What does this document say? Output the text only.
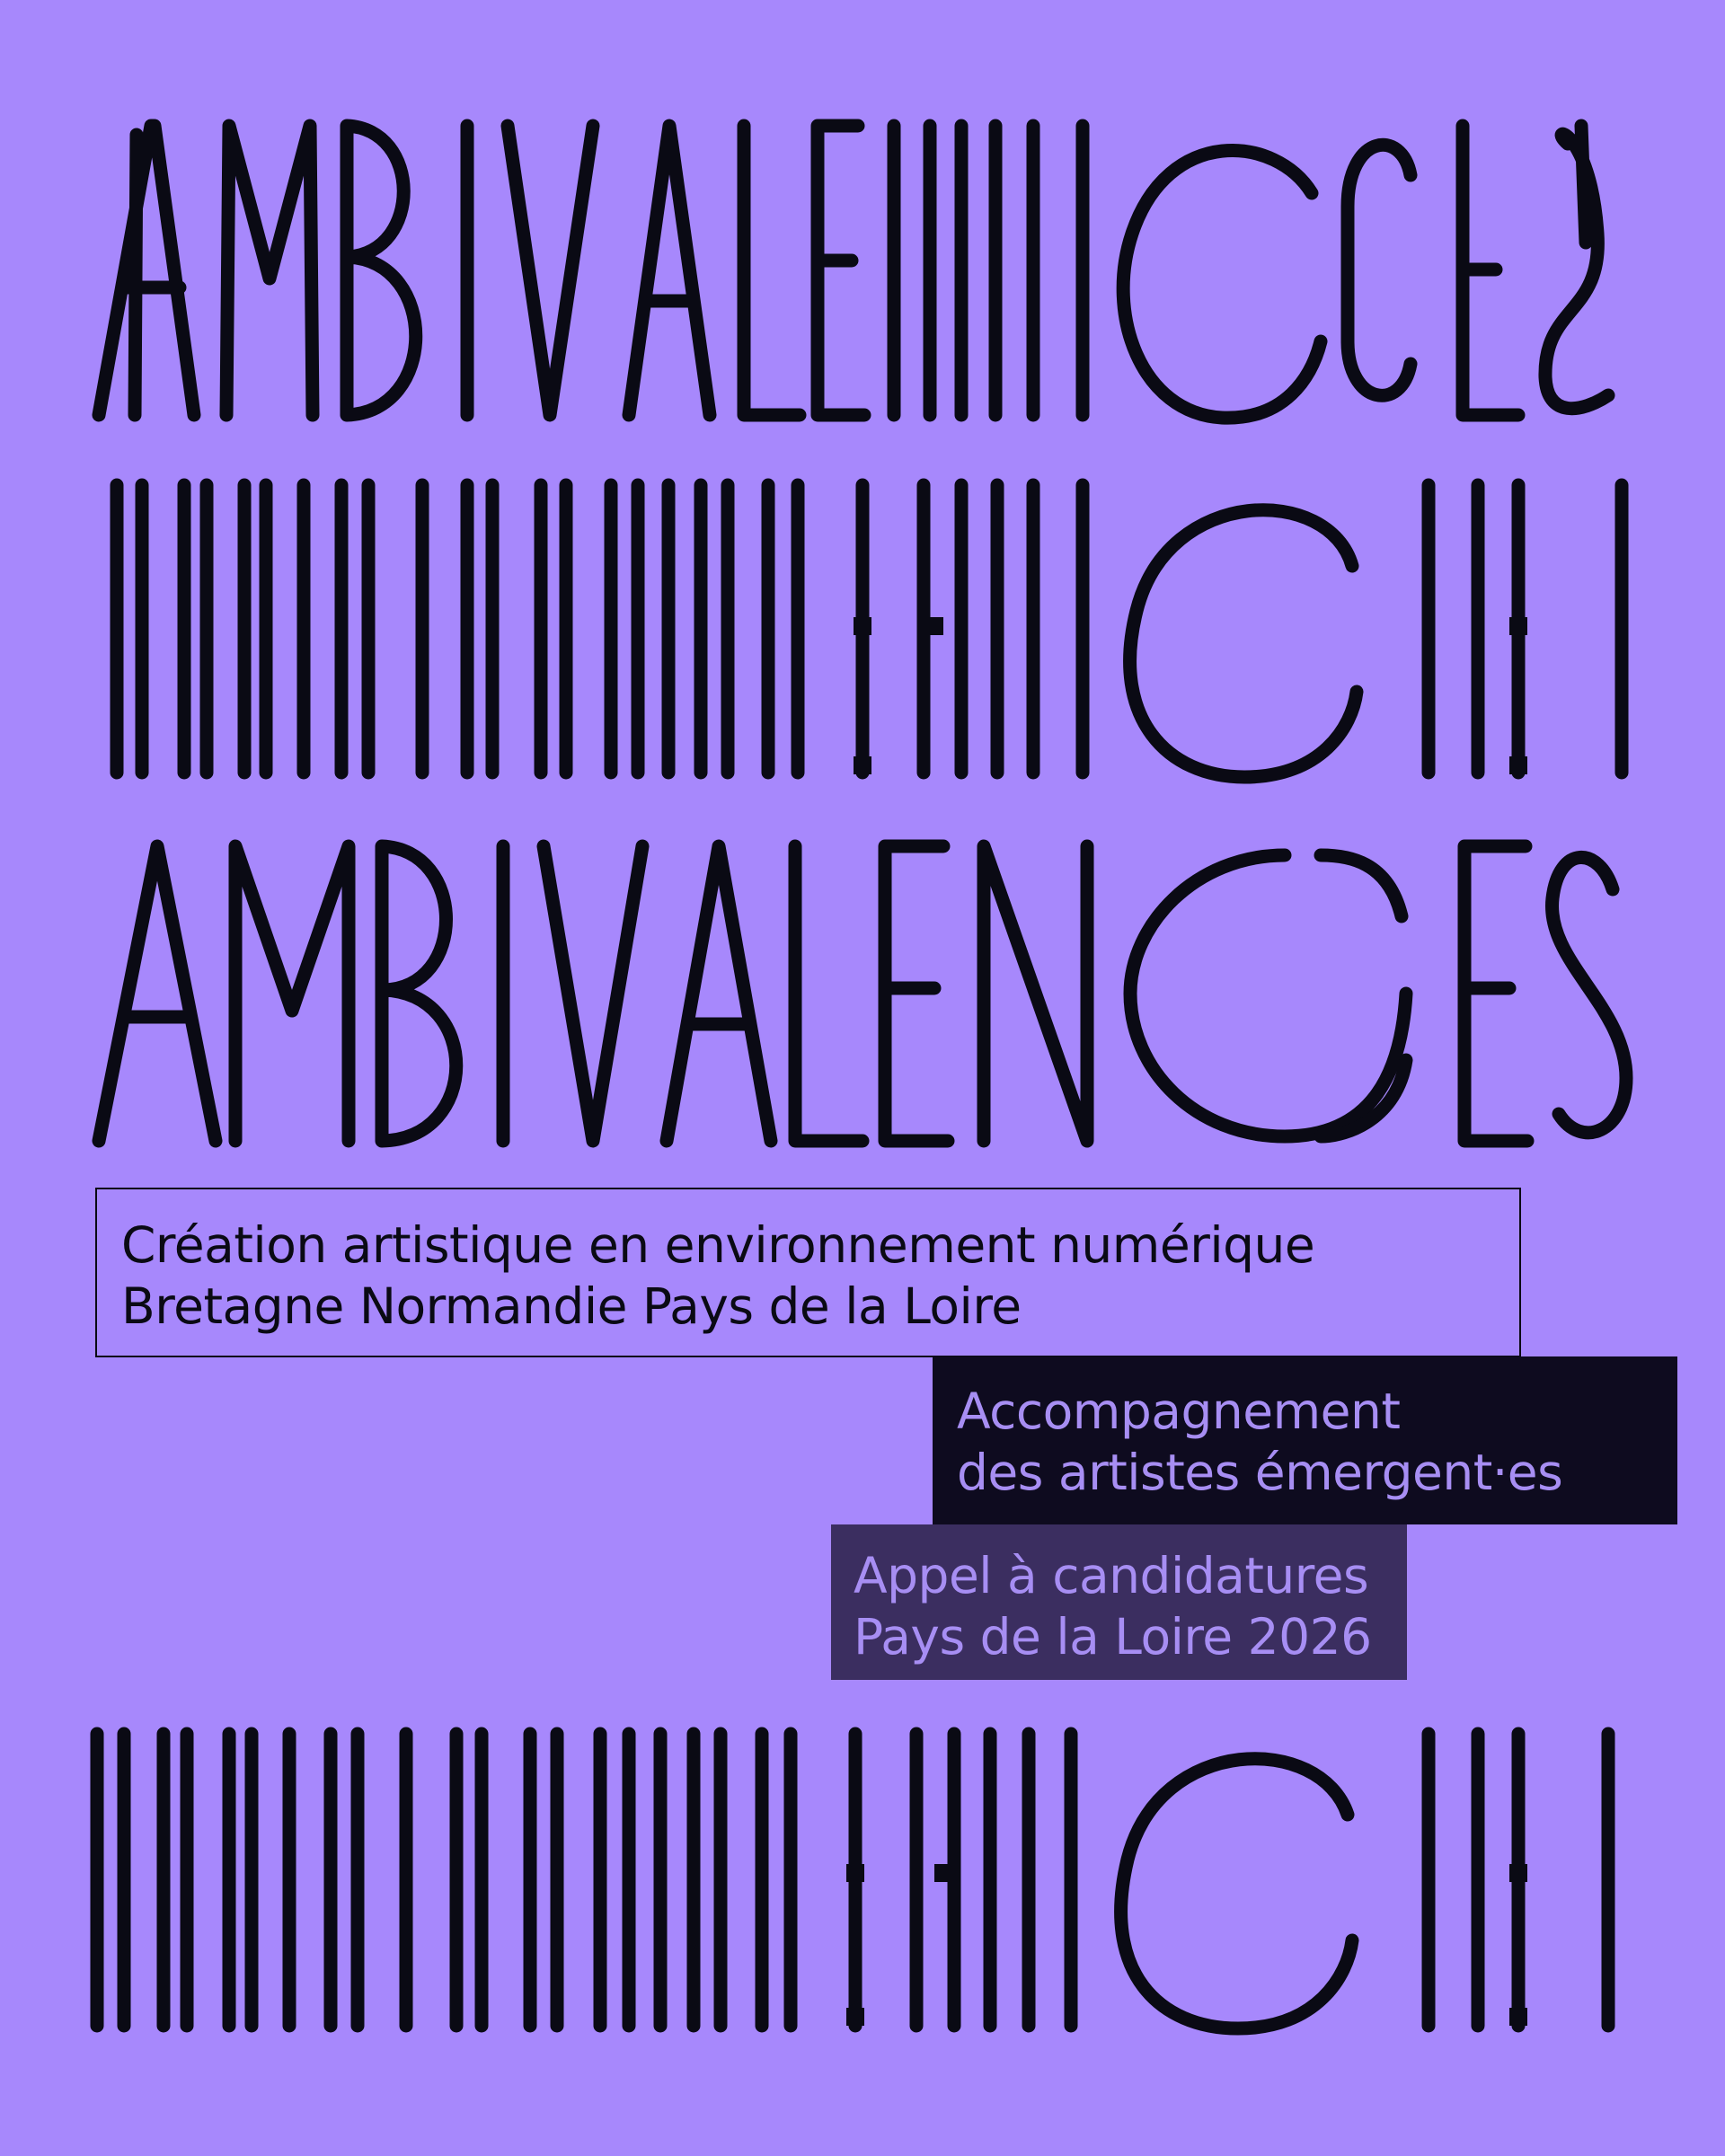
Création artistique en environnement numérique
Bretagne Normandie Pays de la Loire
Accompagnement
des artistes émergent·es
Appel à candidatures
Pays de la Loire 2026
